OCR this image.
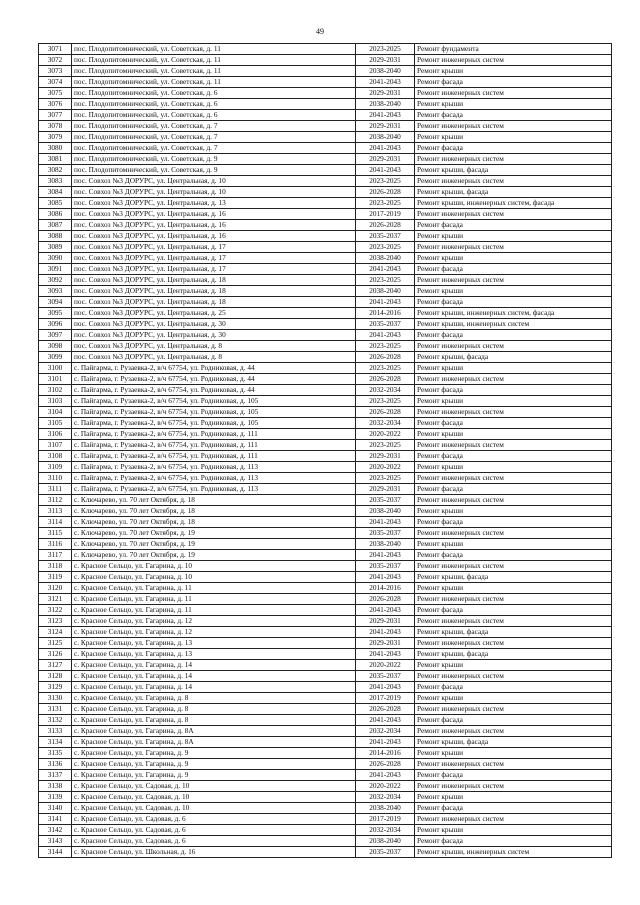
49
3071	пос. Плодопитомнический, ул. Советская, д. 11	2023-2025	Ремонт фундамента
3072	пос. Плодопитомнический, ул. Советская, д. 11	2029-2031	Ремонт инженерных систем
3073	пос. Плодопитомнический, ул. Советская, д. 11	2038-2040	Ремонт крыши
3074	пос. Плодопитомнический, ул. Советская, д. 11	2041-2043	Ремонт фасада
3075	пос. Плодопитомнический, ул. Советская, д. 6	2029-2031	Ремонт инженерных систем
3076	пос. Плодопитомнический, ул. Советская, д. 6	2038-2040	Ремонт крыши
3077	пос. Плодопитомнический, ул. Советская, д. 6	2041-2043	Ремонт фасада
3078	пос. Плодопитомнический, ул. Советская, д. 7	2029-2031	Ремонт инженерных систем
3079	пос. Плодопитомнический, ул. Советская, д. 7	2038-2040	Ремонт крыши
3080	пос. Плодопитомнический, ул. Советская, д. 7	2041-2043	Ремонт фасада
3081	пос. Плодопитомнический, ул. Советская, д. 9	2029-2031	Ремонт инженерных систем
3082	пос. Плодопитомнический, ул. Советская, д. 9	2041-2043	Ремонт крыши, фасада
3083	пос. Совхоз №3 ДОРУРС, ул. Центральная, д. 10	2023-2025	Ремонт инженерных систем
3084	пос. Совхоз №3 ДОРУРС, ул. Центральная, д. 10	2026-2028	Ремонт крыши, фасада
3085	пос. Совхоз №3 ДОРУРС, ул. Центральная, д. 13	2023-2025	Ремонт крыши, инженерных систем, фасада
3086	пос. Совхоз №3 ДОРУРС, ул. Центральная, д. 16	2017-2019	Ремонт инженерных систем
3087	пос. Совхоз №3 ДОРУРС, ул. Центральная, д. 16	2026-2028	Ремонт фасада
3088	пос. Совхоз №3 ДОРУРС, ул. Центральная, д. 16	2035-2037	Ремонт крыши
3089	пос. Совхоз №3 ДОРУРС, ул. Центральная, д. 17	2023-2025	Ремонт инженерных систем
3090	пос. Совхоз №3 ДОРУРС, ул. Центральная, д. 17	2038-2040	Ремонт крыши
3091	пос. Совхоз №3 ДОРУРС, ул. Центральная, д. 17	2041-2043	Ремонт фасада
3092	пос. Совхоз №3 ДОРУРС, ул. Центральная, д. 18	2023-2025	Ремонт инженерных систем
3093	пос. Совхоз №3 ДОРУРС, ул. Центральная, д. 18	2038-2040	Ремонт крыши
3094	пос. Совхоз №3 ДОРУРС, ул. Центральная, д. 18	2041-2043	Ремонт фасада
3095	пос. Совхоз №3 ДОРУРС, ул. Центральная, д. 25	2014-2016	Ремонт крыши, инженерных систем, фасада
3096	пос. Совхоз №3 ДОРУРС, ул. Центральная, д. 30	2035-2037	Ремонт крыши, инженерных систем
3097	пос. Совхоз №3 ДОРУРС, ул. Центральная, д. 30	2041-2043	Ремонт фасада
3098	пос. Совхоз №3 ДОРУРС, ул. Центральная, д. 8	2023-2025	Ремонт инженерных систем
3099	пос. Совхоз №3 ДОРУРС, ул. Центральная, д. 8	2026-2028	Ремонт крыши, фасада
3100	с. Пайгарма, г. Рузаевка-2, в/ч 67754, ул. Родниковая, д. 44	2023-2025	Ремонт крыши
3101	с. Пайгарма, г. Рузаевка-2, в/ч 67754, ул. Родниковая, д. 44	2026-2028	Ремонт инженерных систем
3102	с. Пайгарма, г. Рузаевка-2, в/ч 67754, ул. Родниковая, д. 44	2032-2034	Ремонт фасада
3103	с. Пайгарма, г. Рузаевка-2, в/ч 67754, ул. Родниковая, д. 105	2023-2025	Ремонт крыши
3104	с. Пайгарма, г. Рузаевка-2, в/ч 67754, ул. Родниковая, д. 105	2026-2028	Ремонт инженерных систем
3105	с. Пайгарма, г. Рузаевка-2, в/ч 67754, ул. Родниковая, д. 105	2032-2034	Ремонт фасада
3106	с. Пайгарма, г. Рузаевка-2, в/ч 67754, ул. Родниковая, д. 111	2020-2022	Ремонт крыши
3107	с. Пайгарма, г. Рузаевка-2, в/ч 67754, ул. Родниковая, д. 111	2023-2025	Ремонт инженерных систем
3108	с. Пайгарма, г. Рузаевка-2, в/ч 67754, ул. Родниковая, д. 111	2029-2031	Ремонт фасада
3109	с. Пайгарма, г. Рузаевка-2, в/ч 67754, ул. Родниковая, д. 113	2020-2022	Ремонт крыши
3110	с. Пайгарма, г. Рузаевка-2, в/ч 67754, ул. Родниковая, д. 113	2023-2025	Ремонт инженерных систем
3111	с. Пайгарма, г. Рузаевка-2, в/ч 67754, ул. Родниковая, д. 113	2029-2031	Ремонт фасада
3112	с. Ключарево, ул. 70 лет Октября, д. 18	2035-2037	Ремонт инженерных систем
3113	с. Ключарево, ул. 70 лет Октября, д. 18	2038-2040	Ремонт крыши
3114	с. Ключарево, ул. 70 лет Октября, д. 18	2041-2043	Ремонт фасада
3115	с. Ключарево, ул. 70 лет Октября, д. 19	2035-2037	Ремонт инженерных систем
3116	с. Ключарево, ул. 70 лет Октября, д. 19	2038-2040	Ремонт крыши
3117	с. Ключарево, ул. 70 лет Октября, д. 19	2041-2043	Ремонт фасада
3118	с. Красное Сельцо, ул. Гагарина, д. 10	2035-2037	Ремонт инженерных систем
3119	с. Красное Сельцо, ул. Гагарина, д. 10	2041-2043	Ремонт крыши, фасада
3120	с. Красное Сельцо, ул. Гагарина, д. 11	2014-2016	Ремонт крыши
3121	с. Красное Сельцо, ул. Гагарина, д. 11	2026-2028	Ремонт инженерных систем
3122	с. Красное Сельцо, ул. Гагарина, д. 11	2041-2043	Ремонт фасада
3123	с. Красное Сельцо, ул. Гагарина, д. 12	2029-2031	Ремонт инженерных систем
3124	с. Красное Сельцо, ул. Гагарина, д. 12	2041-2043	Ремонт крыши, фасада
3125	с. Красное Сельцо, ул. Гагарина, д. 13	2029-2031	Ремонт инженерных систем
3126	с. Красное Сельцо, ул. Гагарина, д. 13	2041-2043	Ремонт крыши, фасада
3127	с. Красное Сельцо, ул. Гагарина, д. 14	2020-2022	Ремонт крыши
3128	с. Красное Сельцо, ул. Гагарина, д. 14	2035-2037	Ремонт инженерных систем
3129	с. Красное Сельцо, ул. Гагарина, д. 14	2041-2043	Ремонт фасада
3130	с. Красное Сельцо, ул. Гагарина, д. 8	2017-2019	Ремонт крыши
3131	с. Красное Сельцо, ул. Гагарина, д. 8	2026-2028	Ремонт инженерных систем
3132	с. Красное Сельцо, ул. Гагарина, д. 8	2041-2043	Ремонт фасада
3133	с. Красное Сельцо, ул. Гагарина, д. 8А	2032-2034	Ремонт инженерных систем
3134	с. Красное Сельцо, ул. Гагарина, д. 8А	2041-2043	Ремонт крыши, фасада
3135	с. Красное Сельцо, ул. Гагарина, д. 9	2014-2016	Ремонт крыши
3136	с. Красное Сельцо, ул. Гагарина, д. 9	2026-2028	Ремонт инженерных систем
3137	с. Красное Сельцо, ул. Гагарина, д. 9	2041-2043	Ремонт фасада
3138	с. Красное Сельцо, ул. Садовая, д. 10	2020-2022	Ремонт инженерных систем
3139	с. Красное Сельцо, ул. Садовая, д. 10	2032-2034	Ремонт крыши
3140	с. Красное Сельцо, ул. Садовая, д. 10	2038-2040	Ремонт фасада
3141	с. Красное Сельцо, ул. Садовая, д. 6	2017-2019	Ремонт инженерных систем
3142	с. Красное Сельцо, ул. Садовая, д. 6	2032-2034	Ремонт крыши
3143	с. Красное Сельцо, ул. Садовая, д. 6	2038-2040	Ремонт фасада
3144	с. Красное Сельцо, ул. Школьная, д. 16	2035-2037	Ремонт крыши, инженерных систем
